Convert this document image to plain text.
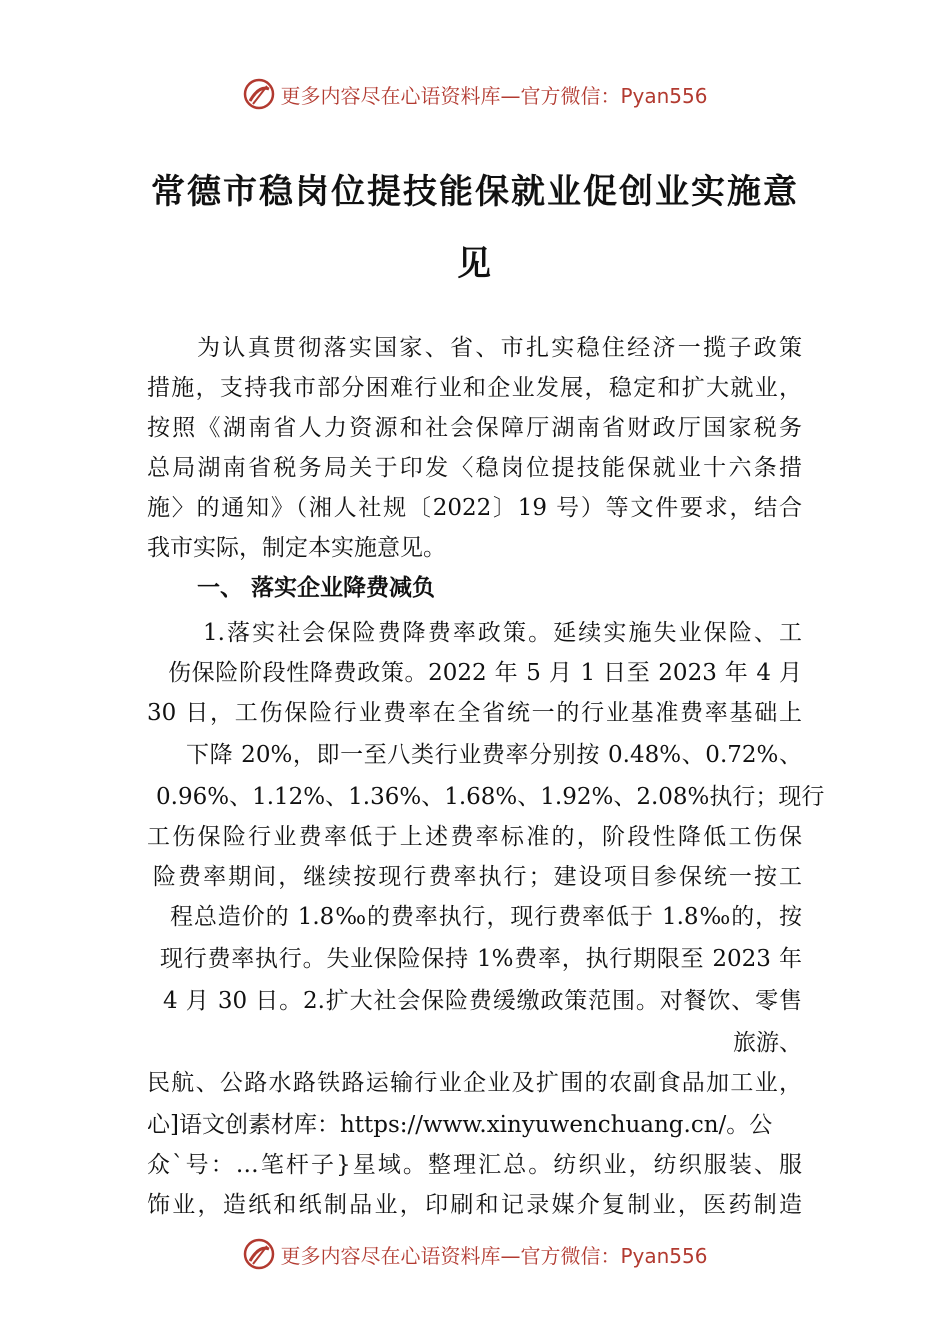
更多内容尽在心语资料库—官方微信：Pyan556
常德市稳岗位提技能保就业促创业实施意见
为认真贯彻落实国家、省、市扎实稳住经济一揽子政策
措施，支持我市部分困难行业和企业发展，稳定和扩大就业，
按照《湖南省人力资源和社会保障厅湖南省财政厅国家税务
总局湖南省税务局关于印发〈稳岗位提技能保就业十六条措
施〉的通知》（湘人社规〔2022〕19 号）等文件要求，结合
我市实际，制定本实施意见。
一、 落实企业降费减负
1.落实社会保险费降费率政策。延续实施失业保险、工
伤保险阶段性降费政策。2022 年 5 月 1 日至 2023 年 4 月
30 日，工伤保险行业费率在全省统一的行业基准费率基础上
下降 20%，即一至八类行业费率分别按 0.48%、0.72%、
0.96%、1.12%、1.36%、1.68%、1.92%、2.08%执行；现行
工伤保险行业费率低于上述费率标准的，阶段性降低工伤保
险费率期间，继续按现行费率执行；建设项目参保统一按工
程总造价的 1.8‰的费率执行，现行费率低于 1.8‰的，按
现行费率执行。失业保险保持 1%费率，执行期限至 2023 年
4 月 30 日。2.扩大社会保险费缓缴政策范围。对餐饮、零售
旅游、
民航、公路水路铁路运输行业企业及扩围的农副食品加工业，
心]语文创素材库：https://www.xinyuwenchuang.cn/。公
众`号：…笔杆子}星域。整理汇总。纺织业，纺织服装、服
饰业，造纸和纸制品业，印刷和记录媒介复制业，医药制造
更多内容尽在心语资料库—官方微信：Pyan556
